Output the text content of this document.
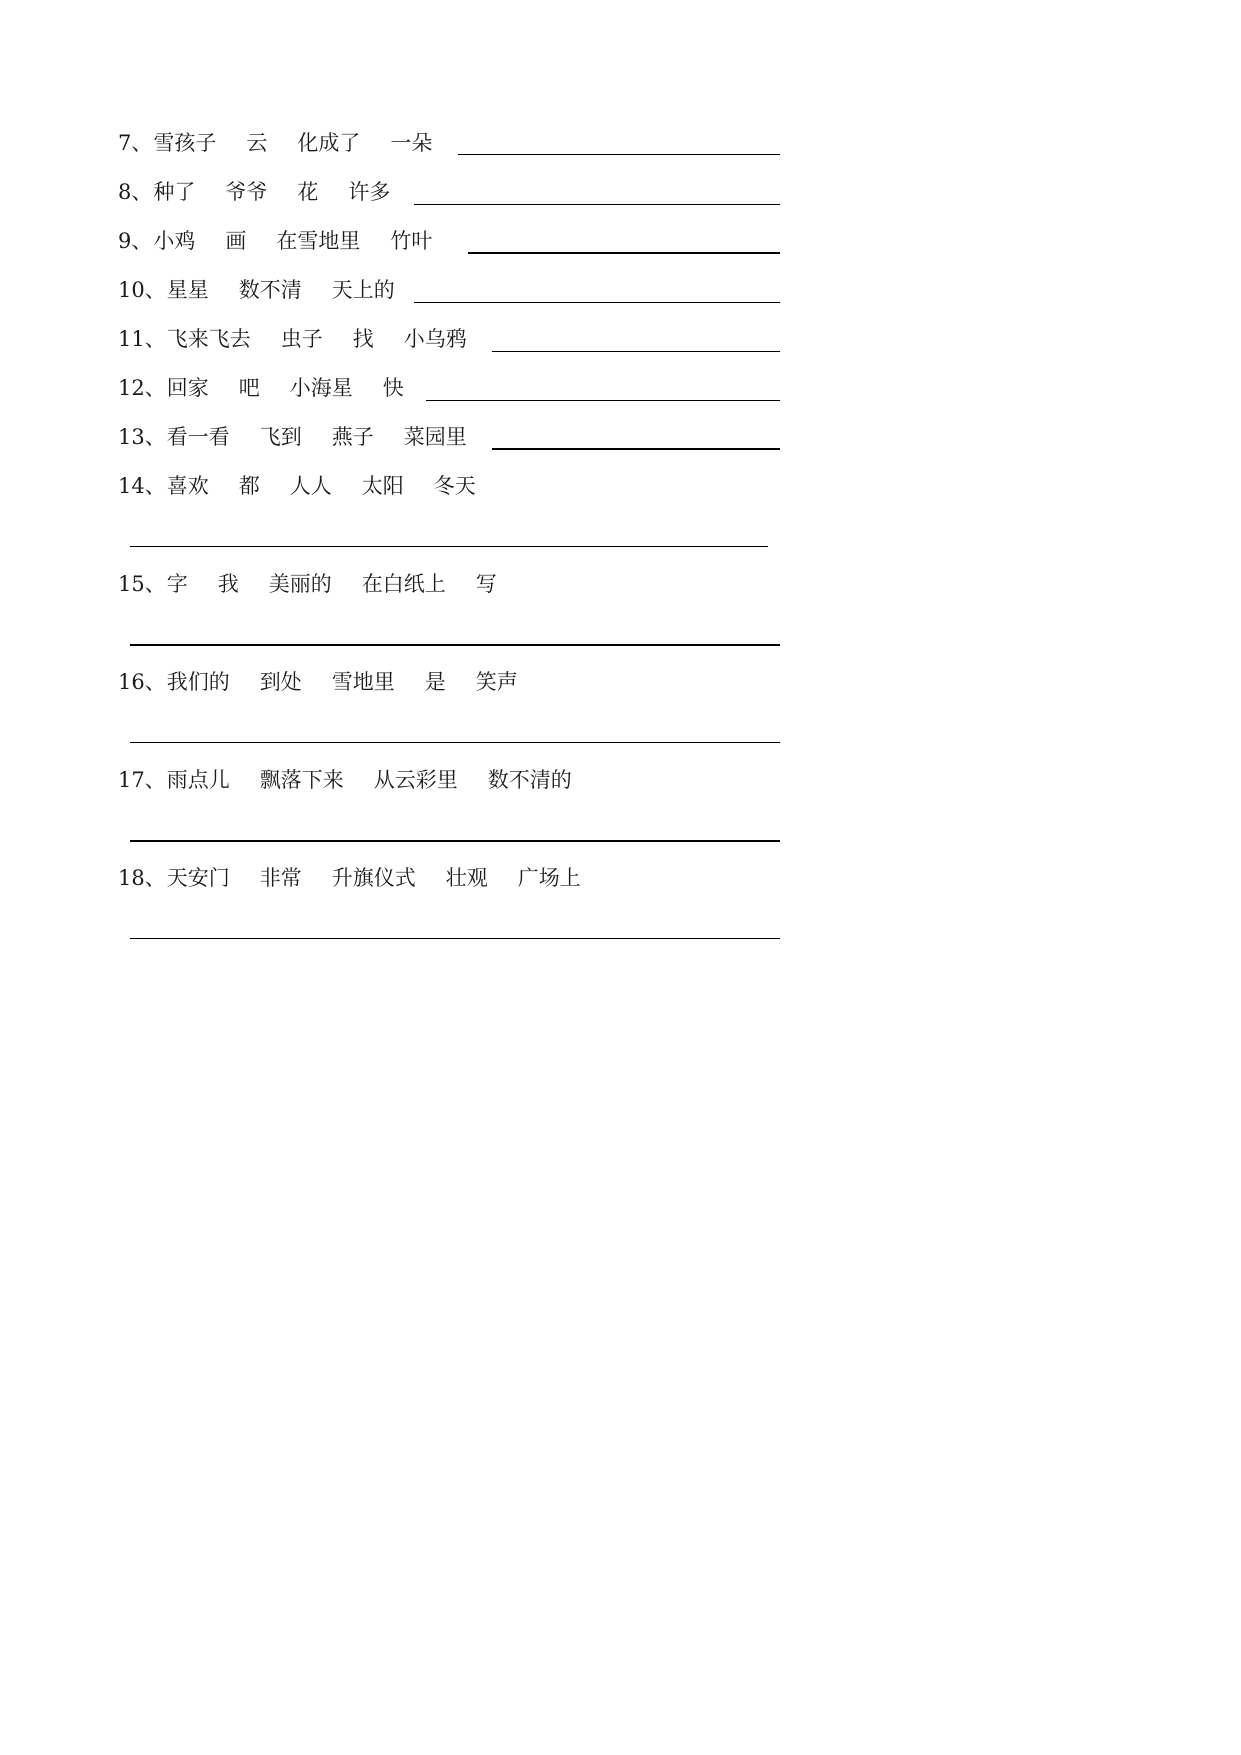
7、雪孩子 云 化成了 一朵
8、种了 爷爷 花 许多
9、小鸡 画 在雪地里 竹叶
10、星星 数不清 天上的
11、飞来飞去 虫子 找 小乌鸦
12、回家 吧 小海星 快
13、看一看 飞到 燕子 菜园里
14、喜欢 都 人人 太阳 冬天
15、字 我 美丽的 在白纸上 写
16、我们的 到处 雪地里 是 笑声
17、雨点儿 飘落下来 从云彩里 数不清的
18、天安门 非常 升旗仪式 壮观 广场上
